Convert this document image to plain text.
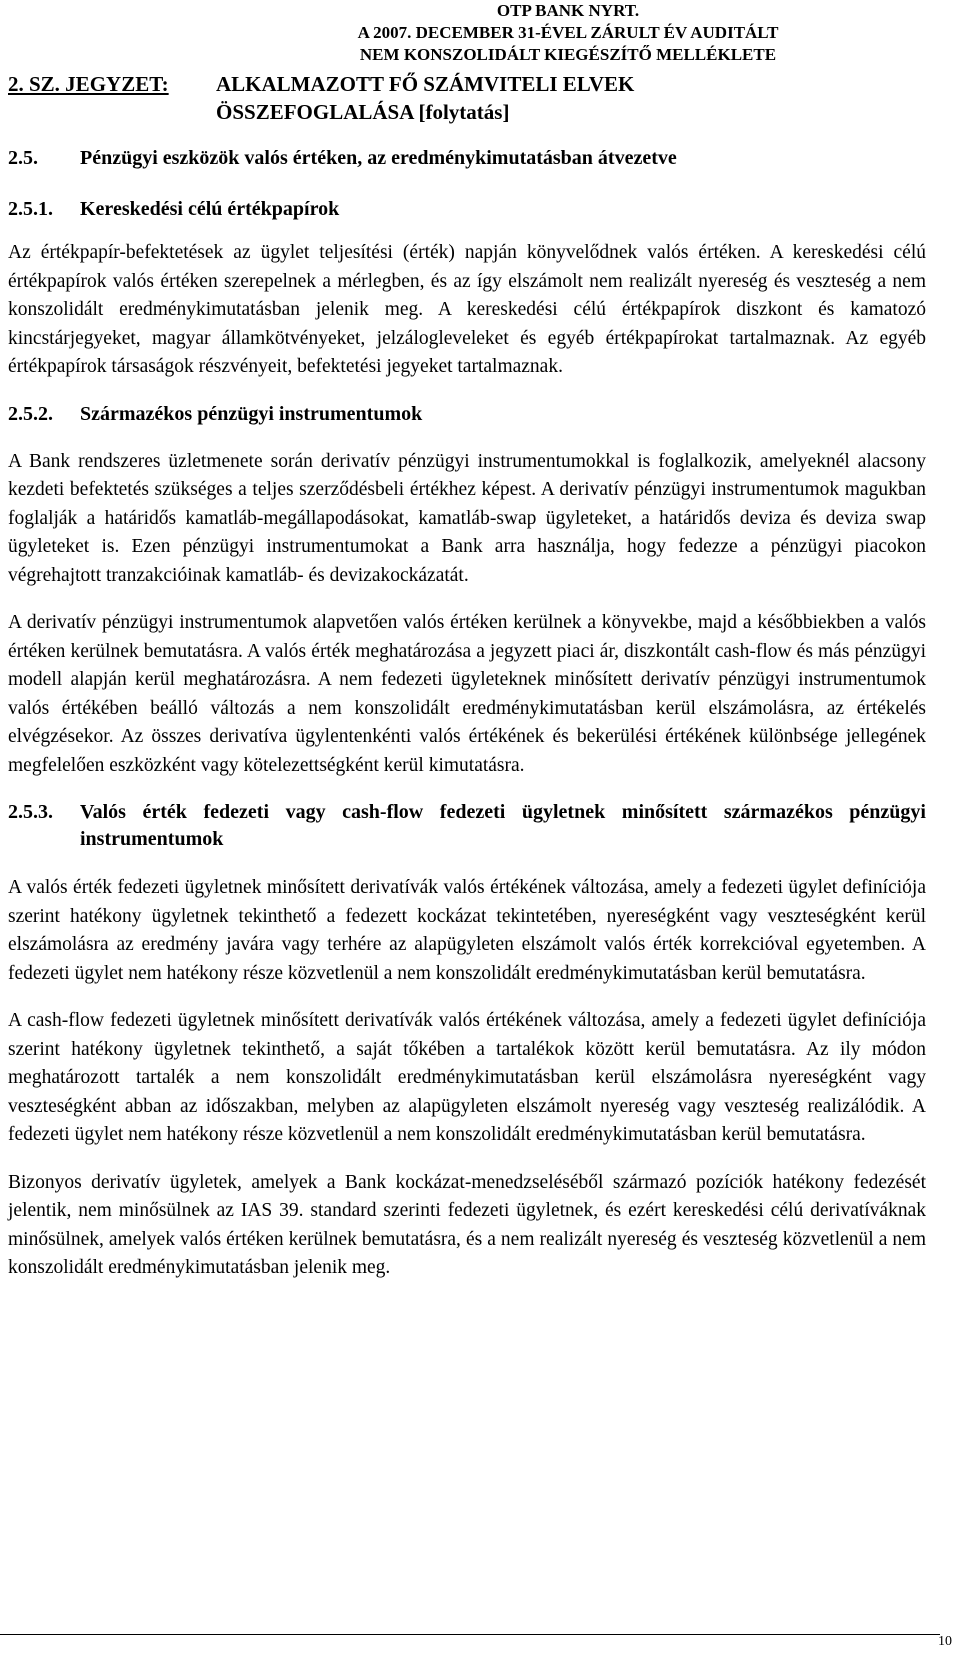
OTP BANK NYRT.
A 2007. DECEMBER 31-ÉVEL ZÁRULT ÉV AUDITÁLT
NEM KONSZOLIDÁLT KIEGÉSZÍTŐ MELLÉKLETE
2. SZ. JEGYZET:	ALKALMAZOTT FŐ SZÁMVITELI ELVEK
ÖSSZEFOGLALÁSA [folytatás]
2.5.	Pénzügyi eszközök valós értéken, az eredménykimutatásban átvezetve
2.5.1.	Kereskedési célú értékpapírok

Az értékpapír-befektetések az ügylet teljesítési (érték) napján könyvelődnek valós értéken. A kereskedési célú értékpapírok valós értéken szerepelnek a mérlegben, és az így elszámolt nem realizált nyereség és veszteség a nem konszolidált eredménykimutatásban jelenik meg. A kereskedési célú értékpapírok diszkont és kamatozó kincstárjegyeket, magyar államkötvényeket, jelzálogleveleket és egyéb értékpapírokat tartalmaznak. Az egyéb értékpapírok társaságok részvényeit, befektetési jegyeket tartalmaznak.

2.5.2.	Származékos pénzügyi instrumentumok

A Bank rendszeres üzletmenete során derivatív pénzügyi instrumentumokkal is foglalkozik, amelyeknél alacsony kezdeti befektetés szükséges a teljes szerződésbeli értékhez képest. A derivatív pénzügyi instrumentumok magukban foglalják a határidős kamatláb-megállapodásokat, kamatláb-swap ügyleteket, a határidős deviza és deviza swap ügyleteket is. Ezen pénzügyi instrumentumokat a Bank arra használja, hogy fedezze a pénzügyi piacokon végrehajtott tranzakcióinak kamatláb- és devizakockázatát.

A derivatív pénzügyi instrumentumok alapvetően valós értéken kerülnek a könyvekbe, majd a későbbiekben a valós értéken kerülnek bemutatásra. A valós érték meghatározása a jegyzett piaci ár, diszkontált cash-flow és más pénzügyi modell alapján kerül meghatározásra. A nem fedezeti ügyleteknek minősített derivatív pénzügyi instrumentumok valós értékében beálló változás a nem konszolidált eredménykimutatásban kerül elszámolásra, az értékelés elvégzésekor. Az összes derivatíva ügylentenkénti valós értékének és bekerülési értékének különbsége jellegének megfelelően eszközként vagy kötelezettségként kerül kimutatásra.

2.5.3.	Valós érték fedezeti vagy cash-flow fedezeti ügyletnek minősített származékos pénzügyi instrumentumok

A valós érték fedezeti ügyletnek minősített derivatívák valós értékének változása, amely a fedezeti ügylet definíciója szerint hatékony ügyletnek tekinthető a fedezett kockázat tekintetében, nyereségként vagy veszteségként kerül elszámolásra az eredmény javára vagy terhére az alapügyleten elszámolt valós érték korrekcióval egyetemben. A fedezeti ügylet nem hatékony része közvetlenül a nem konszolidált eredménykimutatásban kerül bemutatásra.

A cash-flow fedezeti ügyletnek minősített derivatívák valós értékének változása, amely a fedezeti ügylet definíciója szerint hatékony ügyletnek tekinthető, a saját tőkében a tartalékok között kerül bemutatásra. Az ily módon meghatározott tartalék a nem konszolidált eredménykimutatásban kerül elszámolásra nyereségként vagy veszteségként abban az időszakban, melyben az alapügyleten elszámolt nyereség vagy veszteség realizálódik. A fedezeti ügylet nem hatékony része közvetlenül a nem konszolidált eredménykimutatásban kerül bemutatásra.

Bizonyos derivatív ügyletek, amelyek a Bank kockázat-menedzseléséből származó pozíciók hatékony fedezését jelentik, nem minősülnek az IAS 39. standard szerinti fedezeti ügyletnek, és ezért kereskedési célú derivatíváknak minősülnek, amelyek valós értéken kerülnek bemutatásra, és a nem realizált nyereség és veszteség közvetlenül a nem konszolidált eredménykimutatásban jelenik meg.

10
